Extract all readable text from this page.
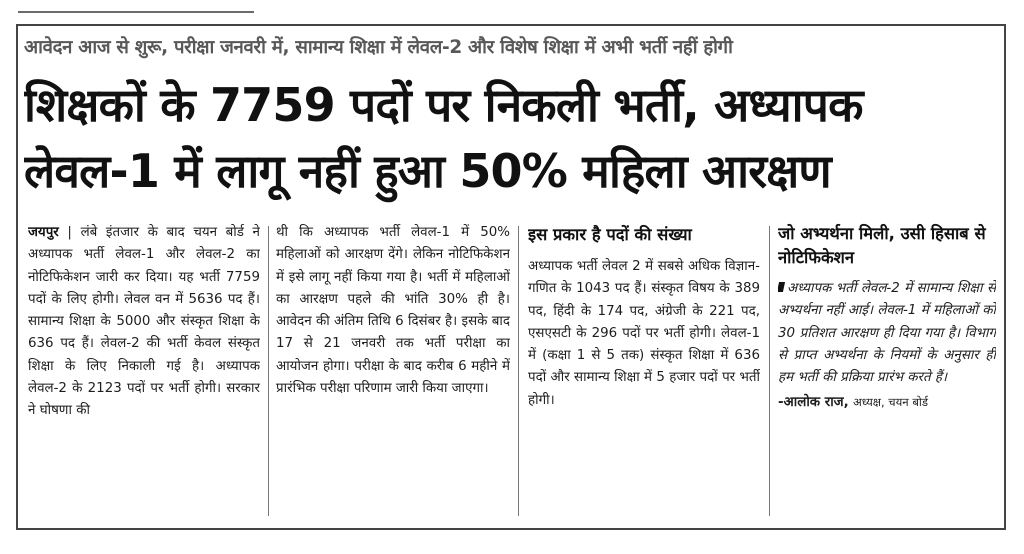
आवेदन आज से शुरू, परीक्षा जनवरी में, सामान्य शिक्षा में लेवल-2 और विशेष शिक्षा में अभी भर्ती नहीं होगी
शिक्षकों के 7759 पदों पर निकली भर्ती, अध्यापक
लेवल-1 में लागू नहीं हुआ 50% महिला आरक्षण

जयपुर | लंबे इंतजार के बाद चयन बोर्ड ने अध्यापक भर्ती लेवल-1 और लेवल-2 का नोटिफिकेशन जारी कर दिया। यह भर्ती 7759 पदों के लिए होगी। लेवल वन में 5636 पद हैं। सामान्य शिक्षा के 5000 और संस्कृत शिक्षा के 636 पद हैं। लेवल-2 की भर्ती केवल संस्कृत शिक्षा के लिए निकाली गई है। अध्यापक लेवल-2 के 2123 पदों पर भर्ती होगी। सरकार ने घोषणा की

थी कि अध्यापक भर्ती लेवल-1 में 50% महिलाओं को आरक्षण देंगे। लेकिन नोटिफिकेशन में इसे लागू नहीं किया गया है। भर्ती में महिलाओं का आरक्षण पहले की भांति 30% ही है। आवेदन की अंतिम तिथि 6 दिसंबर है। इसके बाद 17 से 21 जनवरी तक भर्ती परीक्षा का आयोजन होगा। परीक्षा के बाद करीब 6 महीने में प्रारंभिक परीक्षा परिणाम जारी किया जाएगा।

इस प्रकार है पदों की संख्या

अध्यापक भर्ती लेवल 2 में सबसे अधिक विज्ञान-गणित के 1043 पद हैं। संस्कृत विषय के 389 पद, हिंदी के 174 पद, अंग्रेजी के 221 पद, एसएसटी के 296 पदों पर भर्ती होगी। लेवल-1 में (कक्षा 1 से 5 तक) संस्कृत शिक्षा में 636 पदों और सामान्य शिक्षा में 5 हजार पदों पर भर्ती होगी।

जो अभ्यर्थना मिली, उसी हिसाब से नोटिफिकेशन

अध्यापक भर्ती लेवल-2 में सामान्य शिक्षा से अभ्यर्थना नहीं आई। लेवल-1 में महिलाओं को 30 प्रतिशत आरक्षण ही दिया गया है। विभाग से प्राप्त अभ्यर्थना के नियमों के अनुसार ही हम भर्ती की प्रक्रिया प्रारंभ करते हैं।

-आलोक राज, अध्यक्ष, चयन बोर्ड
